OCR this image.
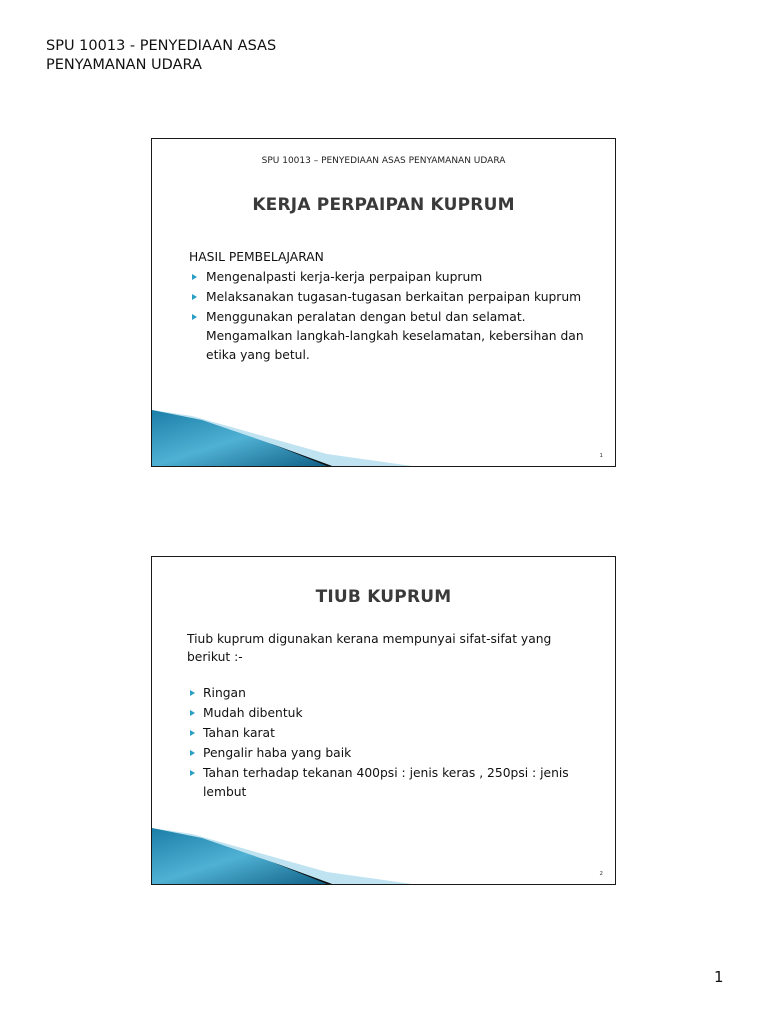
SPU 10013 - PENYEDIAAN ASAS
PENYAMANAN UDARA
SPU 10013 – PENYEDIAAN ASAS PENYAMANAN UDARA
KERJA PERPAIPAN KUPRUM
HASIL PEMBELAJARAN
Mengenalpasti kerja-kerja perpaipan kuprum
Melaksanakan tugasan-tugasan berkaitan perpaipan kuprum
Menggunakan peralatan dengan betul dan selamat. Mengamalkan langkah-langkah keselamatan, kebersihan dan etika yang betul.
1
TIUB KUPRUM
Tiub kuprum digunakan kerana mempunyai sifat-sifat yang berikut :-
Ringan
Mudah dibentuk
Tahan karat
Pengalir haba yang baik
Tahan terhadap tekanan 400psi : jenis keras , 250psi : jenis lembut
2
1
